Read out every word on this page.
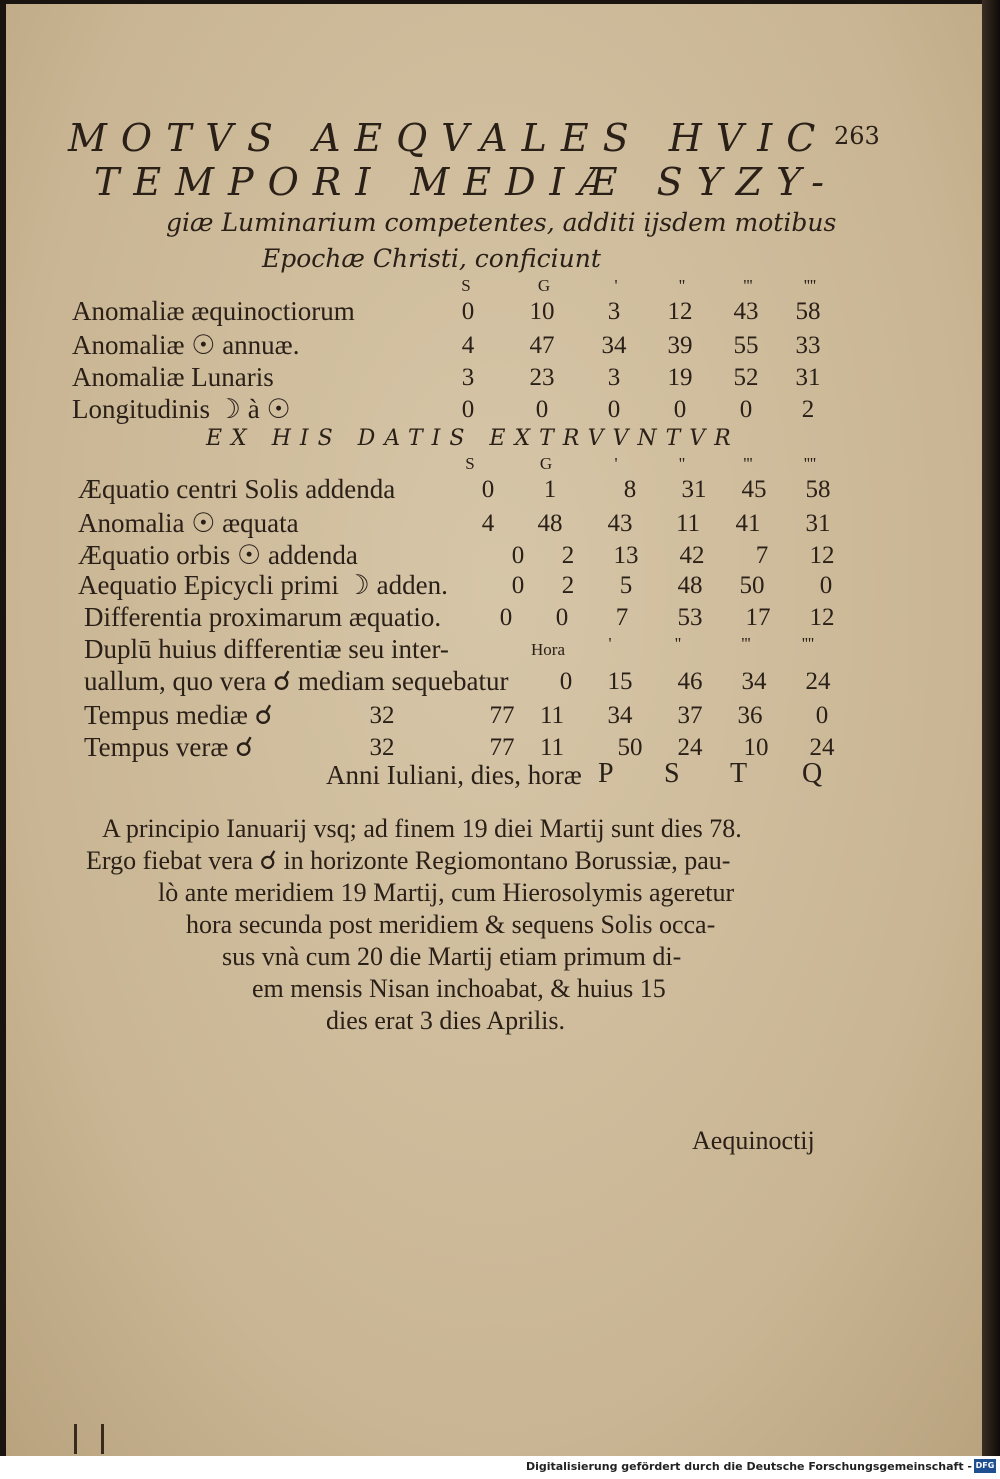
MOTVS AEQVALES HVIC 263
TEMPORI MEDIÆ SYZY-
giæ Luminarium competentes, additi ijsdem motibus
Epochæ Christi, conficiunt
S	G	'	''	'''	''''
Anomaliæ æquinoctiorum	0	10	3	12	43	58
Anomaliæ ☉ annuæ.	4	47	34	39	55	33
Anomaliæ Lunaris	3	23	3	19	52	31
Longitudinis ☽ à ☉	0	0	0	0	0	2
EX HIS DATIS EXTRVVNTVR
S	G	'	''	'''	''''
Æquatio centri Solis addenda	0	1	8	31	45	58
Anomalia ☉ æquata	4	48	43	11	41	31
Æquatio orbis ☉ addenda	0	2	13	42	7	12
Aequatio Epicycli primi ☽ adden.	0	2	5	48	50	0
Differentia proximarum æquatio.	0	0	7	53	17	12
Duplū huius differentiæ seu inter-	Hora	'	''	'''	''''
uallum, quo vera ☌ mediam sequebatur	0	15	46	34	24
Tempus mediæ ☌	32	77	11	34	37	36	0
Tempus veræ ☌	32	77	11	50	24	10	24
Anni Iuliani, dies, horæ P S T Q
A principio Ianuarij vsq; ad finem 19 diei Martij sunt dies 78.
Ergo fiebat vera ☌ in horizonte Regiomontano Borussiæ, pau-
lò ante meridiem 19 Martij, cum Hierosolymis ageretur
hora secunda post meridiem & sequens Solis occa-
sus vnà cum 20 die Martij etiam primum di-
em mensis Nisan inchoabat, & huius 15
dies erat 3 dies Aprilis.
Aequinoctij
Digitalisierung gefördert durch die Deutsche Forschungsgemeinschaft - DFG
